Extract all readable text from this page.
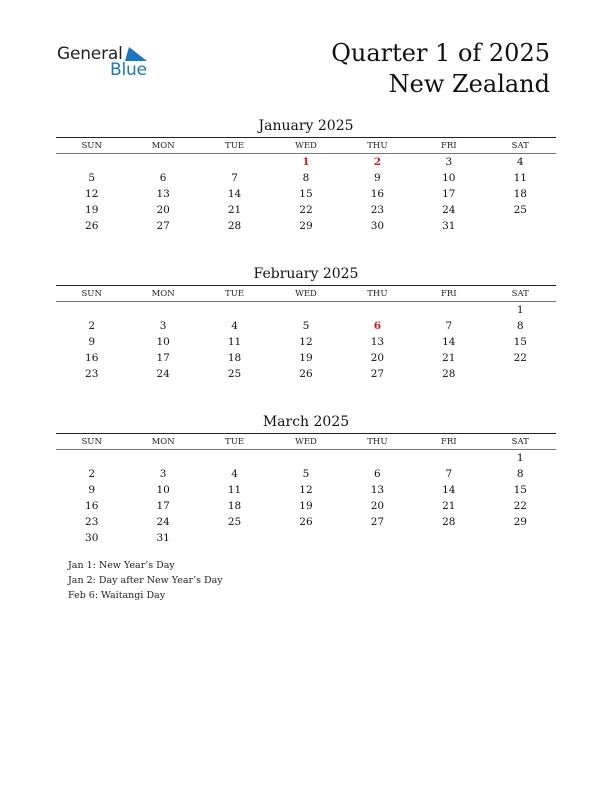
General
Blue
Quarter 1 of 2025
New Zealand
January 2025
SUN	MON	TUE	WED	THU	FRI	SAT
			1	2	3	4
5	6	7	8	9	10	11
12	13	14	15	16	17	18
19	20	21	22	23	24	25
26	27	28	29	30	31	
February 2025
SUN	MON	TUE	WED	THU	FRI	SAT
						1
2	3	4	5	6	7	8
9	10	11	12	13	14	15
16	17	18	19	20	21	22
23	24	25	26	27	28	
March 2025
SUN	MON	TUE	WED	THU	FRI	SAT
						1
2	3	4	5	6	7	8
9	10	11	12	13	14	15
16	17	18	19	20	21	22
23	24	25	26	27	28	29
30	31					
Jan 1: New Year’s Day
Jan 2: Day after New Year’s Day
Feb 6: Waitangi Day
